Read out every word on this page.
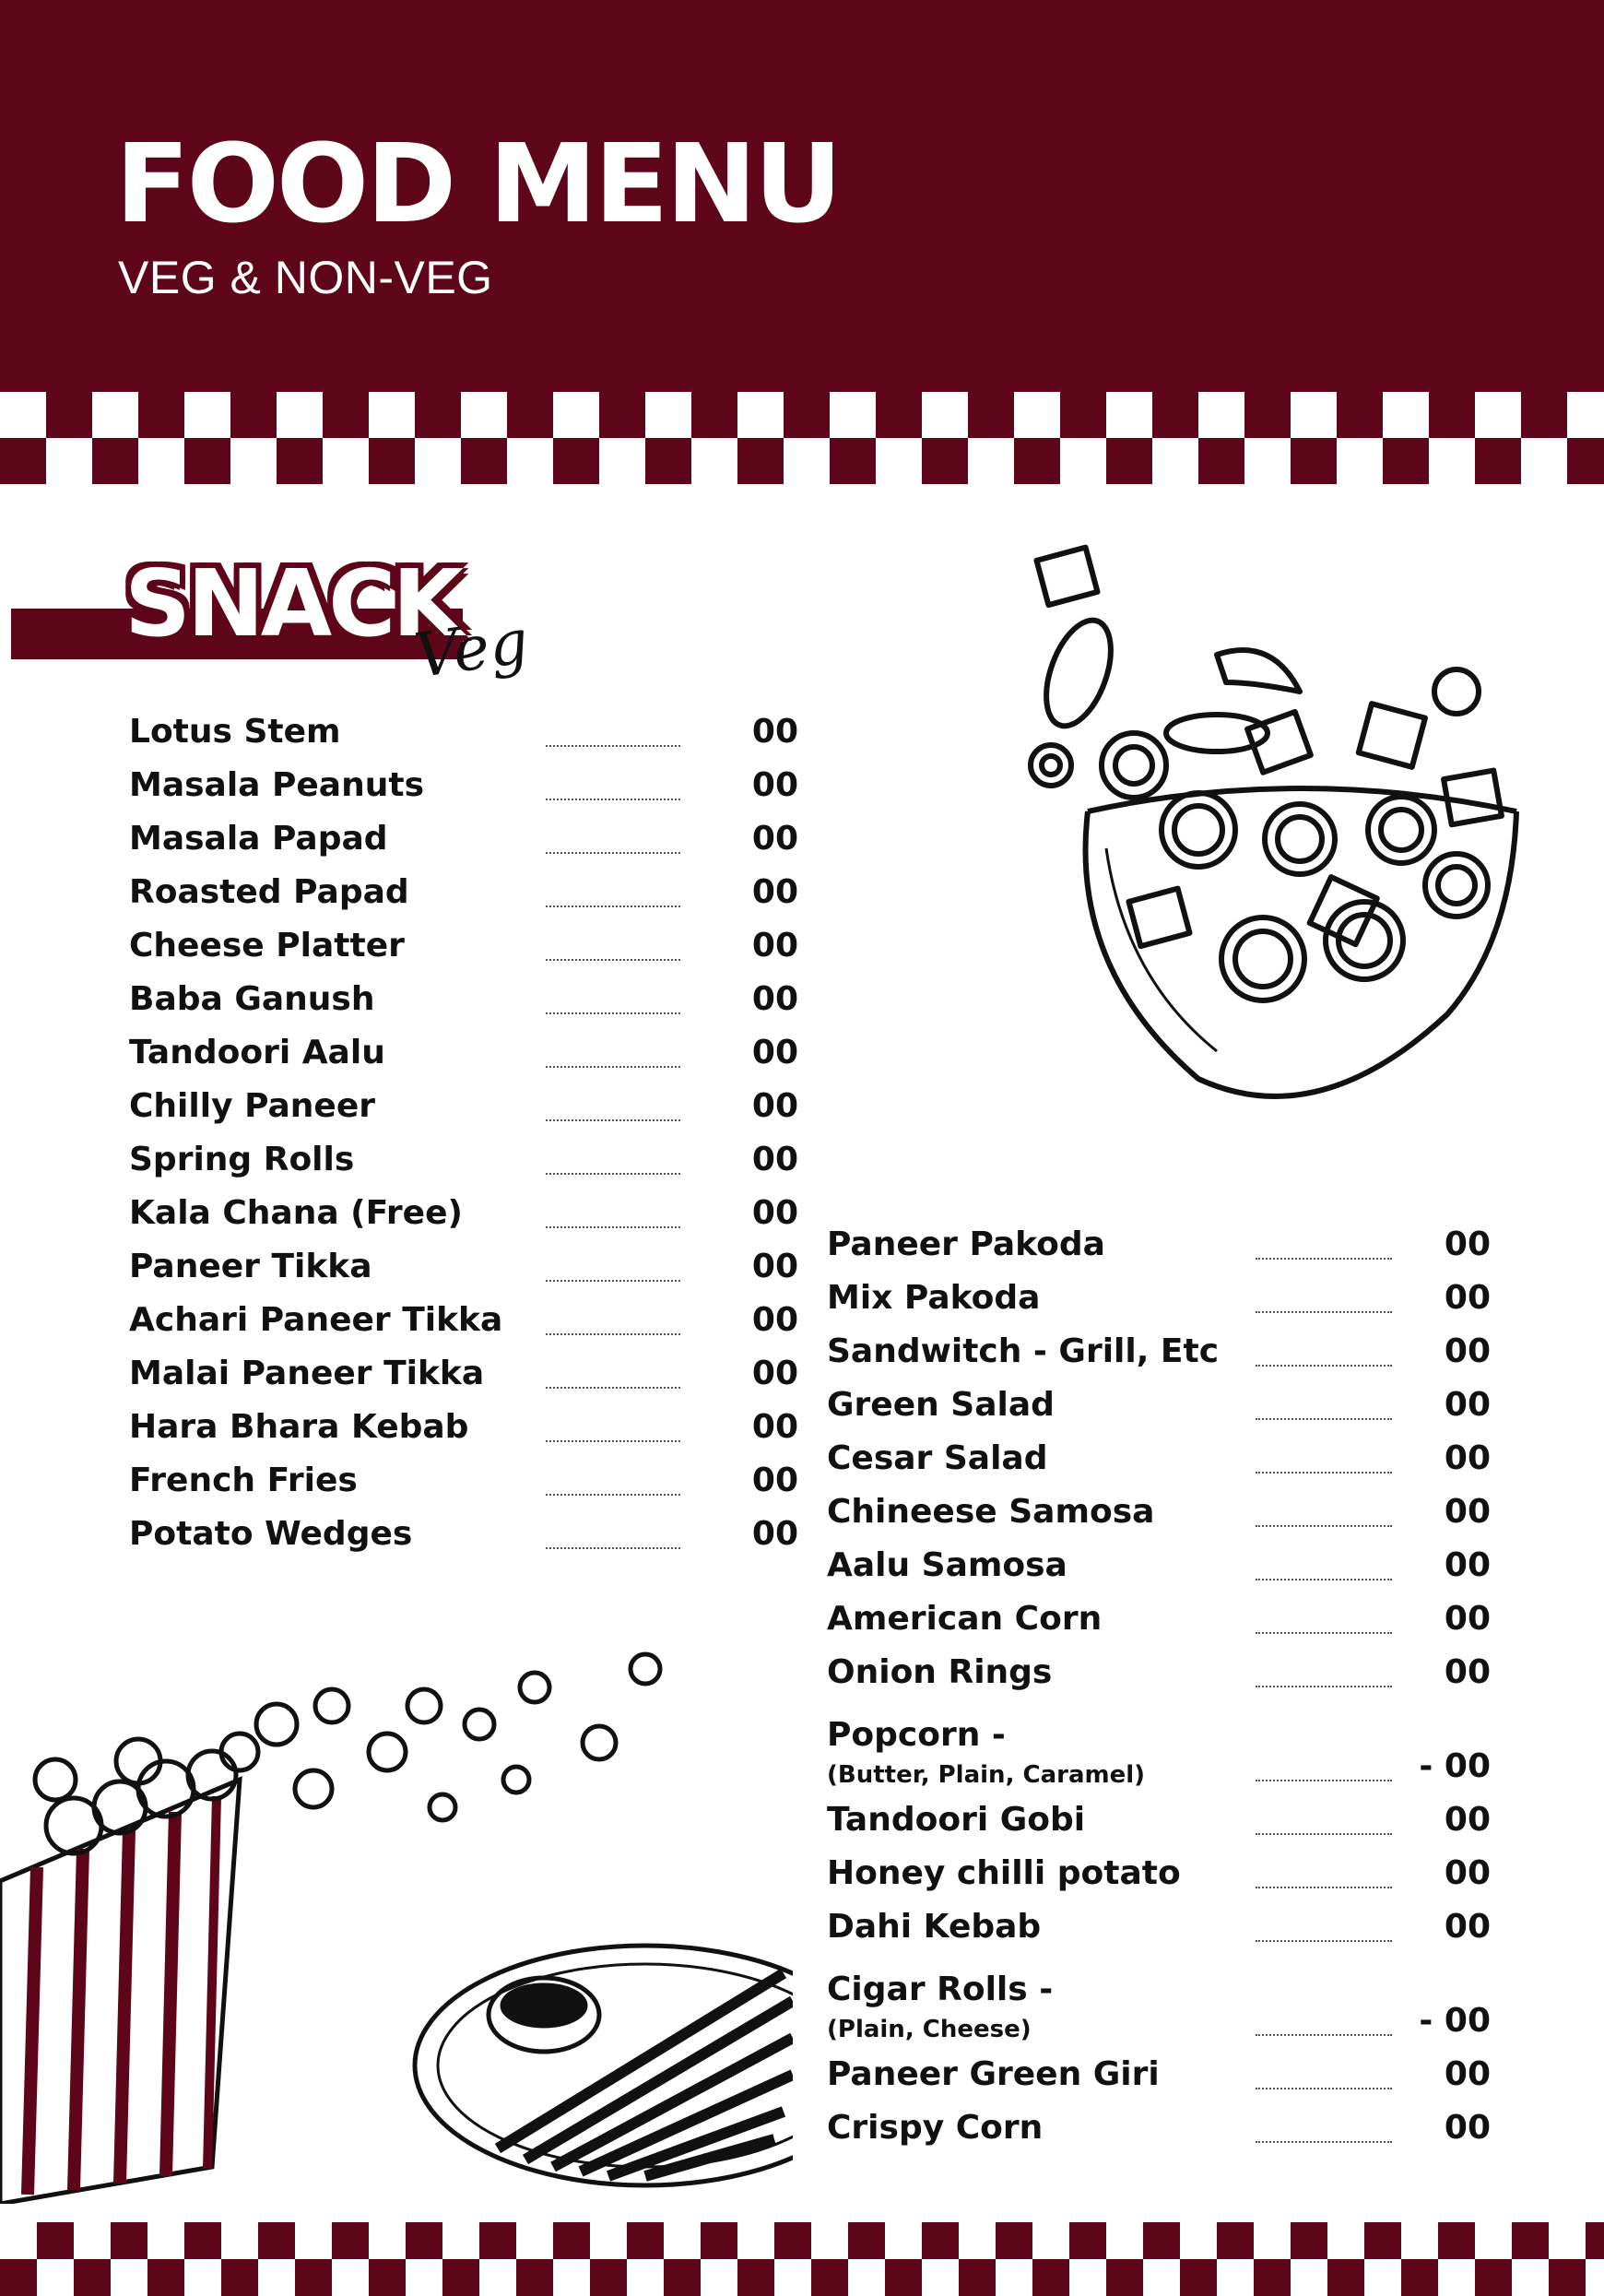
FOOD MENU
VEG & NON-VEG
SNACK
Veg
Lotus Stem	00
Masala Peanuts	00
Masala Papad	00
Roasted Papad	00
Cheese Platter	00
Baba Ganush	00
Tandoori Aalu	00
Chilly Paneer	00
Spring Rolls	00
Kala Chana (Free)	00
Paneer Tikka	00
Achari Paneer Tikka	00
Malai Paneer Tikka	00
Hara Bhara Kebab	00
French Fries	00
Potato Wedges	00
Paneer Pakoda	00
Mix Pakoda	00
Sandwitch - Grill, Etc	00
Green Salad	00
Cesar Salad	00
Chineese Samosa	00
Aalu Samosa	00
American Corn	00
Onion Rings	00
Popcorn -
(Butter, Plain, Caramel)	- 00
Tandoori Gobi	00
Honey chilli potato	00
Dahi Kebab	00
Cigar Rolls -
(Plain, Cheese)	- 00
Paneer Green Giri	00
Crispy Corn	00
